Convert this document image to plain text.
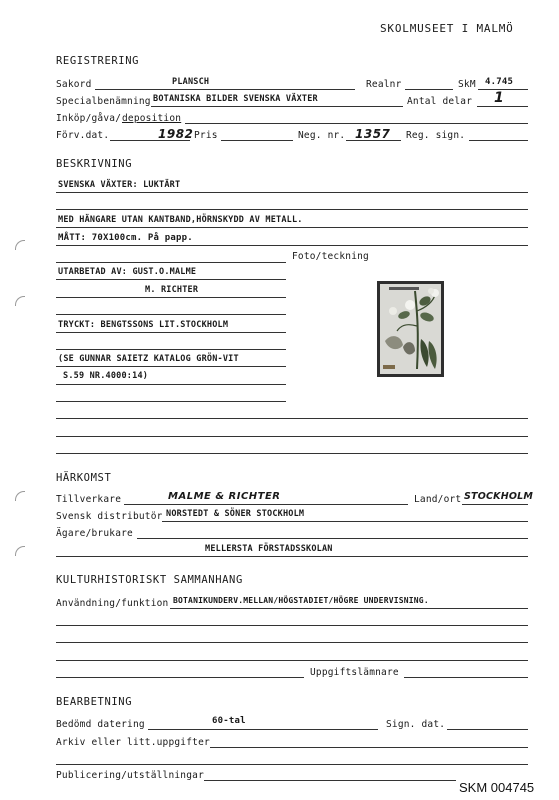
SKOLMUSEET I MALMÖ
REGISTRERING
Sakord	PLANSCH	Realnr	SkM 4.745
Specialbenämning BOTANISKA BILDER SVENSKA VÄXTER	Antal delar 1
Inköp/gåva/ deposition
Förv.dat.	1982 Pris	Neg. nr. 1357 Reg. sign.
BESKRIVNING
SVENSKA VÄXTER: LUKTÄRT
MED HÄNGARE UTAN KANTBAND,HÖRNSKYDD AV METALL.
MÅTT: 70X100cm. På papp.
Foto/teckning
UTARBETAD AV: GUST.O.MALME
M. RICHTER
TRYCKT: BENGTSSONS LIT.STOCKHOLM
(SE GUNNAR SAIETZ KATALOG GRÖN-VIT
S.59 NR.4000:14)
HÄRKOMST
Tillverkare	MALME & RICHTER	Land/ort STOCKHOLM
Svensk distributör NORSTEDT & SÖNER STOCKHOLM
Ägare/brukare
MELLERSTA FÖRSTADSSKOLAN
KULTURHISTORISKT SAMMANHANG
Användning/funktion BOTANIKUNDERV.MELLAN/HÖGSTADIET/HÖGRE UNDERVISNING.
Uppgiftslämnare
BEARBETNING
Bedömd datering	60-tal	Sign. dat.
Arkiv eller litt.uppgifter
Publicering/utställningar
SKM 004745
